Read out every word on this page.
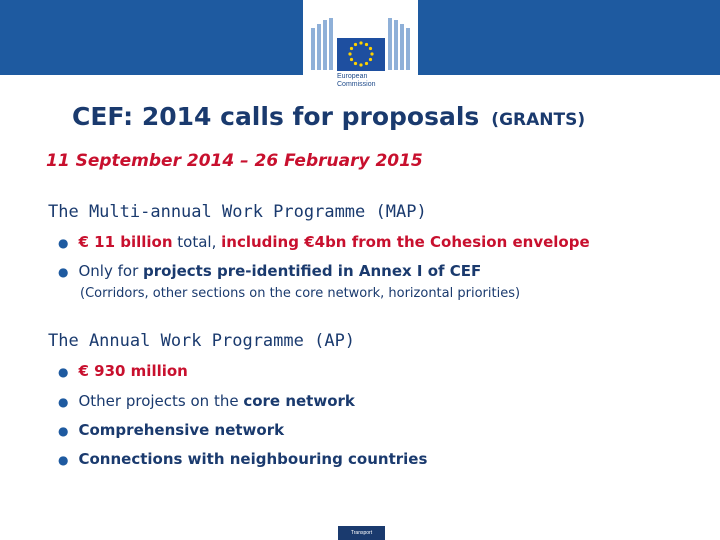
European
Commission
CEF: 2014 calls for proposals (GRANTS)
11 September 2014 – 26 February 2015
The Multi-annual Work Programme (MAP)
● € 11 billion total, including €4bn from the Cohesion envelope
● Only for projects pre-identified in Annex I of CEF
(Corridors, other sections on the core network, horizontal priorities)
The Annual Work Programme (AP)
● € 930 million
● Other projects on the core network
● Comprehensive network
● Connections with neighbouring countries
Transport
